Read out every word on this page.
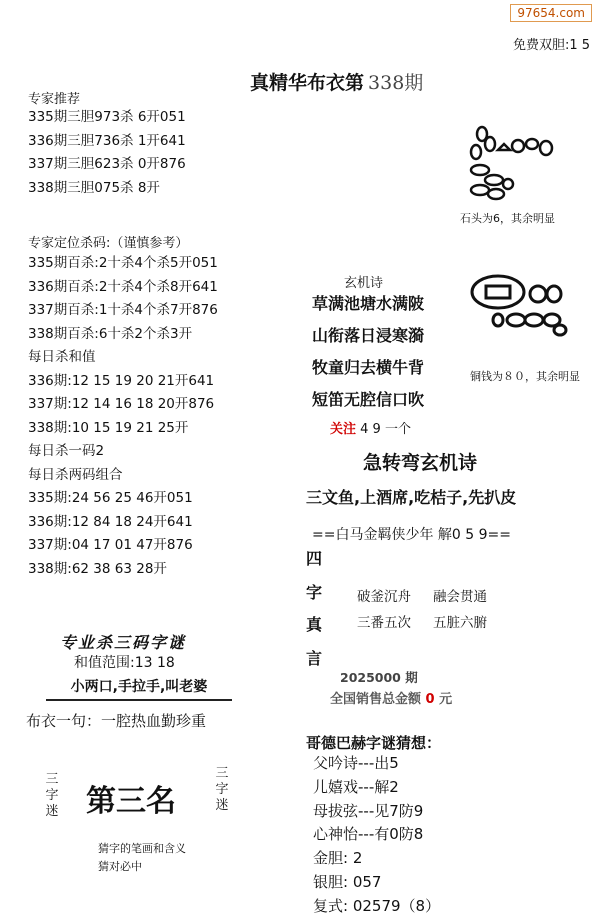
97654.com
免费双胆:1 5
真精华布衣第 338期
专家推荐
335期三胆973杀 6开051
336期三胆736杀 1开641
337期三胆623杀 0开876
338期三胆075杀 8开
专家定位杀码:（谨慎参考）
335期百杀:2十杀4个杀5开051
336期百杀:2十杀4个杀8开641
337期百杀:1十杀4个杀7开876
338期百杀:6十杀2个杀3开
每日杀和值
336期:12 15 19 20 21开641
337期:12 14 16 18 20开876
338期:10 15 19 21 25开
每日杀一码2
每日杀两码组合
335期:24 56 25 46开051
336期:12 84 18 24开641
337期:04 17 01 47开876
338期:62 38 63 28开
石头为6，其余明显
铜钱为８０，其余明显
玄机诗
草满池塘水满陂
山衔落日浸寒漪
牧童归去横牛背
短笛无腔信口吹
关注 4 9 一个
急转弯玄机诗
三文鱼,上酒席,吃桔子,先扒皮
==白马金羁侠少年 解0 5 9==
四
字
真
言
破釜沉舟 融会贯通
三番五次 五脏六腑
2025000 期
全国销售总金额 0 元
哥德巴赫字谜猜想：
父吟诗---出5
儿嬉戏---解2
母拔弦---见7防9
心神怡---有0防8
金胆: 2
银胆: 057
复式: 02579（8）
专业杀三码字谜
和值范围:13 18
小两口,手拉手,叫老婆
布衣一句：一腔热血勤珍重
三字迷 第三名
三字迷
猜字的笔画和含义
猜对必中
